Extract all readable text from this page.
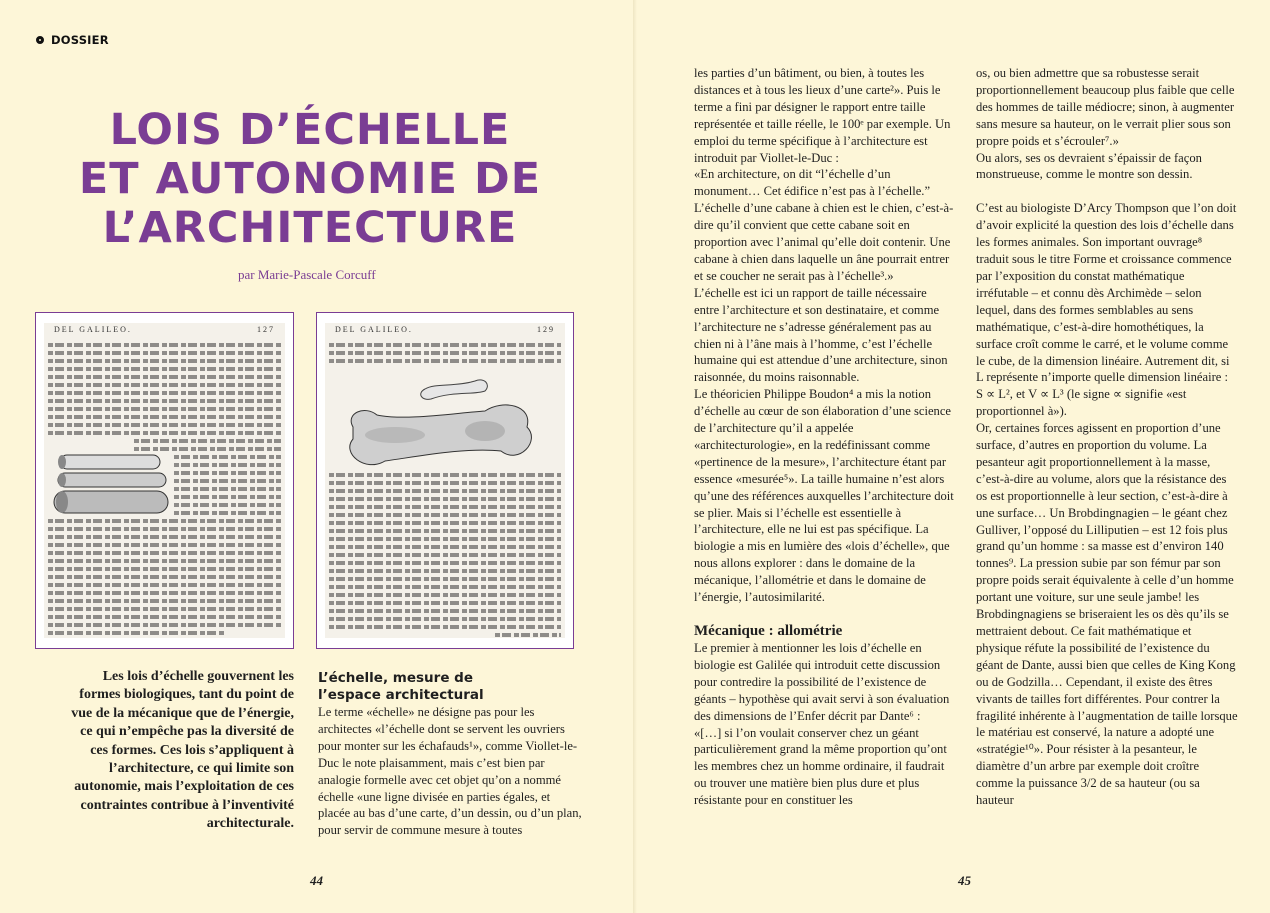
DOSSIER
LOIS D’ÉCHELLE
ET AUTONOMIE DE
L’ARCHITECTURE
par Marie-Pascale Corcuff
DEL GALILEO.	127	DEL GALILEO.	129
Les lois d’échelle gouvernent les formes biologiques, tant du point de vue de la mécanique que de l’énergie, ce qui n’empêche pas la diversité de ces formes. Ces lois s’appliquent à l’architecture, ce qui limite son autonomie, mais l’exploitation de ces contraintes contribue à l’inventivité architecturale.
L’échelle, mesure de
l’espace architectural

Le terme «échelle» ne désigne pas pour les architectes «l’échelle dont se servent les ouvriers pour monter sur les échafauds¹», comme Viollet-le-Duc le note plaisamment, mais c’est bien par analogie formelle avec cet objet qu’on a nommé échelle «une ligne divisée en parties égales, et placée au bas d’une carte, d’un dessin, ou d’un plan, pour servir de commune mesure à toutes

les parties d’un bâtiment, ou bien, à toutes les distances et à tous les lieux d’une carte²». Puis le terme a fini par désigner le rapport entre taille représentée et taille réelle, le 100ᵉ par exemple. Un emploi du terme spécifique à l’architecture est introduit par Viollet-le-Duc :

«En architecture, on dit “l’échelle d’un monument… Cet édifice n’est pas à l’échelle.” L’échelle d’une cabane à chien est le chien, c’est-à-dire qu’il convient que cette cabane soit en proportion avec l’animal qu’elle doit contenir. Une cabane à chien dans laquelle un âne pourrait entrer et se coucher ne serait pas à l’échelle³.»

L’échelle est ici un rapport de taille nécessaire entre l’architecture et son destinataire, et comme l’architecture ne s’adresse généralement pas au chien ni à l’âne mais à l’homme, c’est l’échelle humaine qui est attendue d’une architecture, sinon raisonnée, du moins raisonnable.

Le théoricien Philippe Boudon⁴ a mis la notion d’échelle au cœur de son élaboration d’une science de l’architecture qu’il a appelée «architecturologie», en la redéfinissant comme «pertinence de la mesure», l’architecture étant par essence «mesurée⁵». La taille humaine n’est alors qu’une des références auxquelles l’architecture doit se plier. Mais si l’échelle est essentielle à l’architecture, elle ne lui est pas spécifique. La biologie a mis en lumière des «lois d’échelle», que nous allons explorer : dans le domaine de la mécanique, l’allométrie et dans le domaine de l’énergie, l’autosimilarité.

Mécanique : allométrie

Le premier à mentionner les lois d’échelle en biologie est Galilée qui introduit cette discussion pour contredire la possibilité de l’existence de géants – hypothèse qui avait servi à son évaluation des dimensions de l’Enfer décrit par Dante⁶ :

«[…] si l’on voulait conserver chez un géant particulièrement grand la même proportion qu’ont les membres chez un homme ordinaire, il faudrait ou trouver une matière bien plus dure et plus résistante pour en constituer les

os, ou bien admettre que sa robustesse serait proportionnellement beaucoup plus faible que celle des hommes de taille médiocre; sinon, à augmenter sans mesure sa hauteur, on le verrait plier sous son propre poids et s’écrouler⁷.»

Ou alors, ses os devraient s’épaissir de façon monstrueuse, comme le montre son dessin.

C’est au biologiste D’Arcy Thompson que l’on doit d’avoir explicité la question des lois d’échelle dans les formes animales. Son important ouvrage⁸ traduit sous le titre Forme et croissance commence par l’exposition du constat mathématique irréfutable – et connu dès Archimède – selon lequel, dans des formes semblables au sens mathématique, c’est-à-dire homothétiques, la surface croît comme le carré, et le volume comme le cube, de la dimension linéaire. Autrement dit, si L représente n’importe quelle dimension linéaire : S ∝ L², et V ∝ L³ (le signe ∝ signifie «est proportionnel à»).

Or, certaines forces agissent en proportion d’une surface, d’autres en proportion du volume. La pesanteur agit proportionnellement à la masse, c’est-à-dire au volume, alors que la résistance des os est proportionnelle à leur section, c’est-à-dire à une surface… Un Brobdingnagien – le géant chez Gulliver, l’opposé du Lilliputien – est 12 fois plus grand qu’un homme : sa masse est d’environ 140 tonnes⁹. La pression subie par son fémur par son propre poids serait équivalente à celle d’un homme portant une voiture, sur une seule jambe! les Brobdingnagiens se briseraient les os dès qu’ils se mettraient debout. Ce fait mathématique et physique réfute la possibilité de l’existence du géant de Dante, aussi bien que celles de King Kong ou de Godzilla… Cependant, il existe des êtres vivants de tailles fort différentes. Pour contrer la fragilité inhérente à l’augmentation de taille lorsque le matériau est conservé, la nature a adopté une «stratégie¹⁰». Pour résister à la pesanteur, le diamètre d’un arbre par exemple doit croître comme la puissance 3/2 de sa hauteur (ou sa hauteur

44	45
